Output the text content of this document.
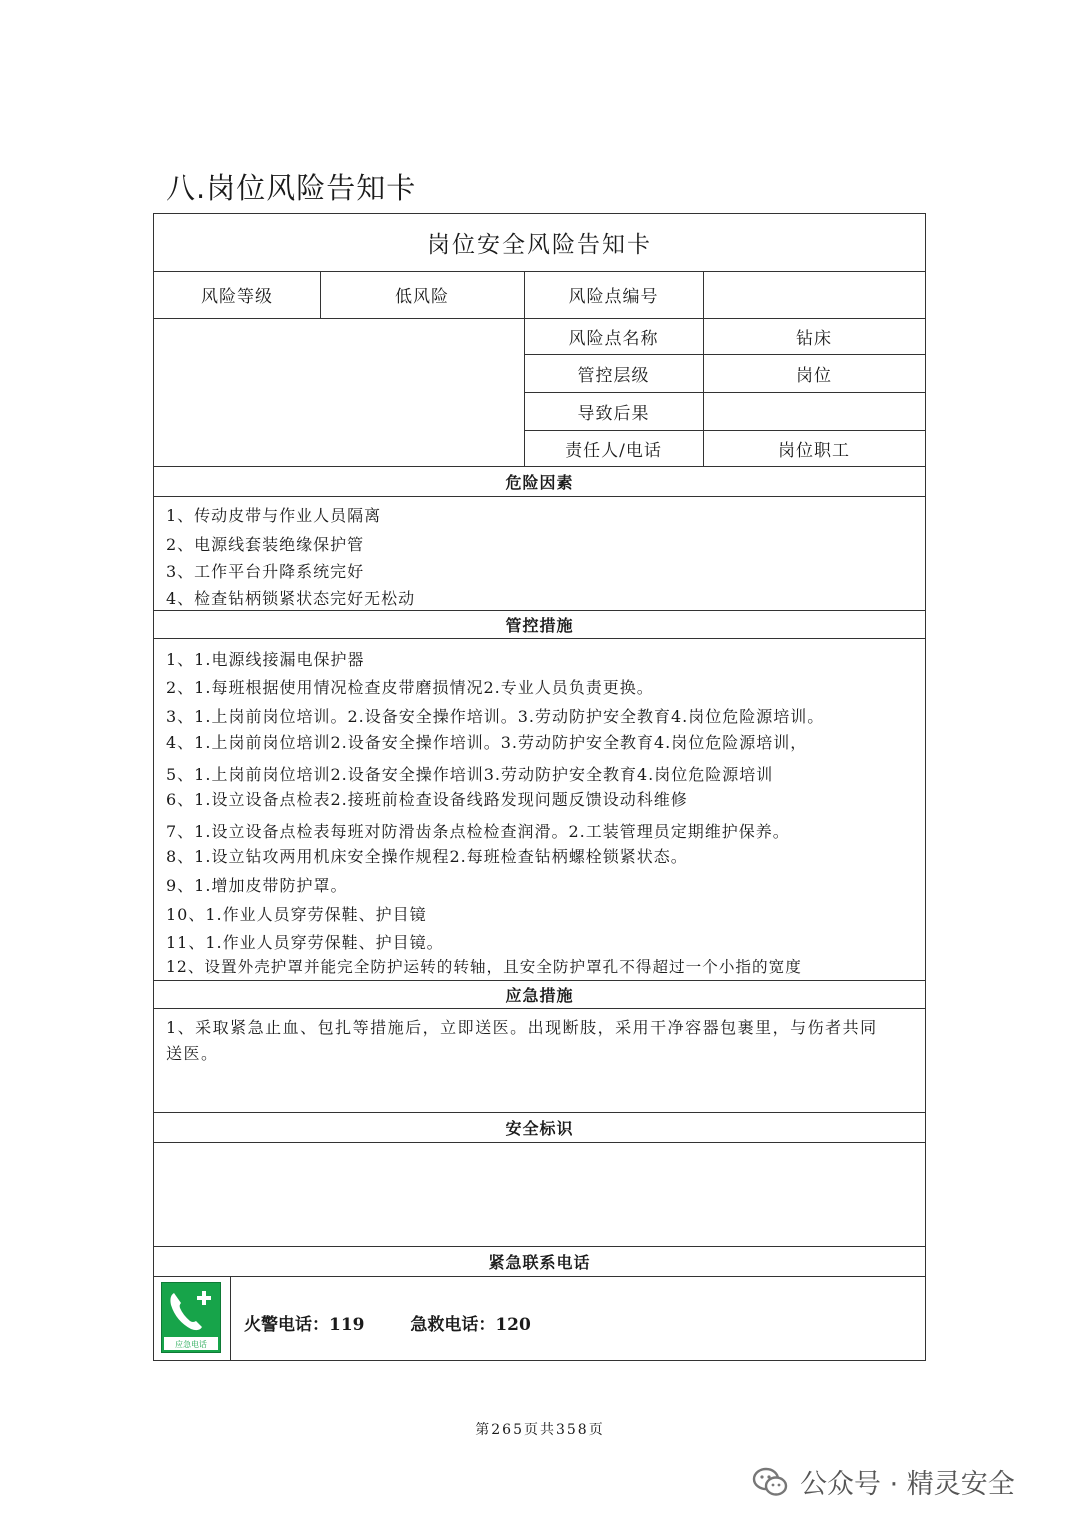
八.岗位风险告知卡
岗位安全风险告知卡
风险等级	低风险	风险点编号
风险点名称	钻床
管控层级	岗位
导致后果
责任人/电话	岗位职工
危险因素
1、传动皮带与作业人员隔离
2、电源线套装绝缘保护管
3、工作平台升降系统完好
4、检查钻柄锁紧状态完好无松动
管控措施
1、1.电源线接漏电保护器
2、1.每班根据使用情况检查皮带磨损情况2.专业人员负责更换。
3、1.上岗前岗位培训。2.设备安全操作培训。3.劳动防护安全教育4.岗位危险源培训。
4、1.上岗前岗位培训2.设备安全操作培训。3.劳动防护安全教育4.岗位危险源培训，
5、1.上岗前岗位培训2.设备安全操作培训3.劳动防护安全教育4.岗位危险源培训
6、1.设立设备点检表2.接班前检查设备线路发现问题反馈设动科维修
7、1.设立设备点检表每班对防滑齿条点检检查润滑。2.工装管理员定期维护保养。
8、1.设立钻攻两用机床安全操作规程2.每班检查钻柄螺栓锁紧状态。
9、1.增加皮带防护罩。
10、1.作业人员穿劳保鞋、护目镜
11、1.作业人员穿劳保鞋、护目镜。
12、设置外壳护罩并能完全防护运转的转轴，且安全防护罩孔不得超过一个小指的宽度
应急措施
1、采取紧急止血、包扎等措施后，立即送医。出现断肢，采用干净容器包裹里，与伤者共同送医。
安全标识
紧急联系电话
应急电话
火警电话：119	急救电话：120
第265页共358页
公众号 · 精灵安全
